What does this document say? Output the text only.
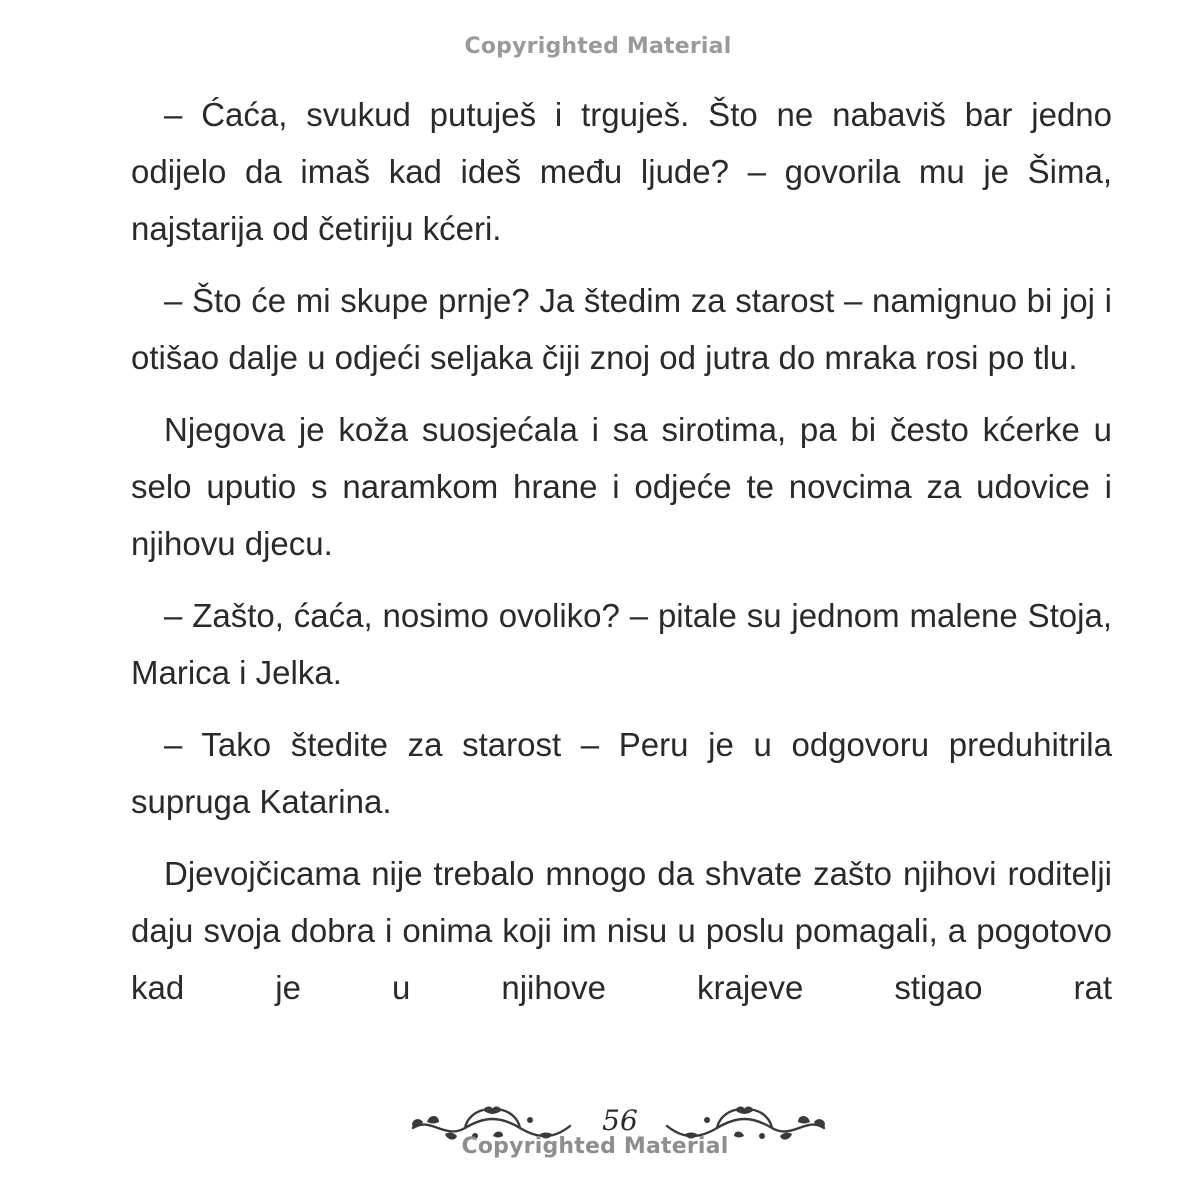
Copyrighted Material

– Ćaća, svukud putuješ i trguješ. Što ne nabaviš bar jedno odijelo da imaš kad ideš među ljude? – govorila mu je Šima, najstarija od četiriju kćeri.

– Što će mi skupe prnje? Ja štedim za starost – namignuo bi joj i otišao dalje u odjeći seljaka čiji znoj od jutra do mraka rosi po tlu.

Njegova je koža suosjećala i sa sirotima, pa bi često kćerke u selo uputio s naramkom hrane i odjeće te novcima za udovice i njihovu djecu.

– Zašto, ćaća, nosimo ovoliko? – pitale su jednom malene Stoja, Marica i Jelka.

– Tako štedite za starost – Peru je u odgovoru preduhitrila supruga Katarina.

Djevojčicama nije trebalo mnogo da shvate zašto njihovi roditelji daju svoja dobra i onima koji im nisu u poslu pomagali, a pogotovo kad je u njihove krajeve stigao rat

56
Copyrighted Material
